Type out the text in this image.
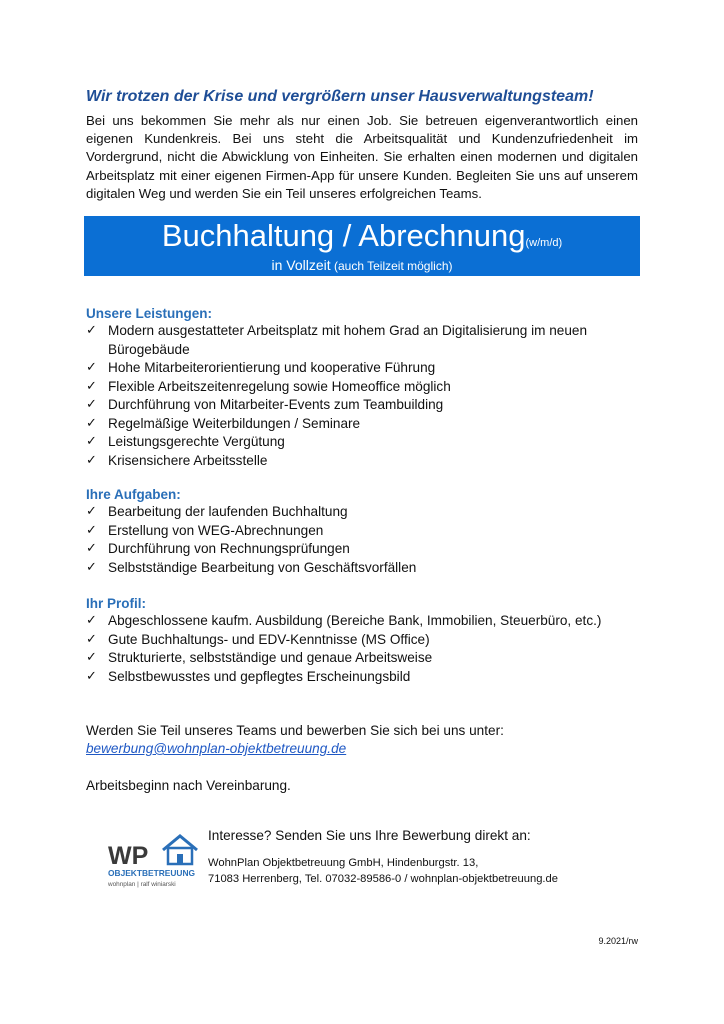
Wir trotzen der Krise und vergrößern unser Hausverwaltungsteam!
Bei uns bekommen Sie mehr als nur einen Job. Sie betreuen eigenverantwortlich einen eigenen Kundenkreis. Bei uns steht die Arbeitsqualität und Kundenzufriedenheit im Vordergrund, nicht die Abwicklung von Einheiten. Sie erhalten einen modernen und digitalen Arbeitsplatz mit einer eigenen Firmen-App für unsere Kunden. Begleiten Sie uns auf unserem digitalen Weg und werden Sie ein Teil unseres erfolgreichen Teams.
Buchhaltung / Abrechnung(w/m/d)
in Vollzeit (auch Teilzeit möglich)
Unsere Leistungen:
✓ Modern ausgestatteter Arbeitsplatz mit hohem Grad an Digitalisierung im neuen Bürogebäude
✓ Hohe Mitarbeiterorientierung und kooperative Führung
✓ Flexible Arbeitszeitenregelung sowie Homeoffice möglich
✓ Durchführung von Mitarbeiter-Events zum Teambuilding
✓ Regelmäßige Weiterbildungen / Seminare
✓ Leistungsgerechte Vergütung
✓ Krisensichere Arbeitsstelle
Ihre Aufgaben:
✓ Bearbeitung der laufenden Buchhaltung
✓ Erstellung von WEG-Abrechnungen
✓ Durchführung von Rechnungsprüfungen
✓ Selbstständige Bearbeitung von Geschäftsvorfällen
Ihr Profil:
✓ Abgeschlossene kaufm. Ausbildung (Bereiche Bank, Immobilien, Steuerbüro, etc.)
✓ Gute Buchhaltungs- und EDV-Kenntnisse (MS Office)
✓ Strukturierte, selbstständige und genaue Arbeitsweise
✓ Selbstbewusstes und gepflegtes Erscheinungsbild
Werden Sie Teil unseres Teams und bewerben Sie sich bei uns unter:
bewerbung@wohnplan-objektbetreuung.de
Arbeitsbeginn nach Vereinbarung.
WP
OBJEKTBETREUUNG
wohnplan | ralf winiarski
Interesse? Senden Sie uns Ihre Bewerbung direkt an:
WohnPlan Objektbetreuung GmbH, Hindenburgstr. 13,
71083 Herrenberg, Tel. 07032-89586-0 / wohnplan-objektbetreuung.de
9.2021/rw
